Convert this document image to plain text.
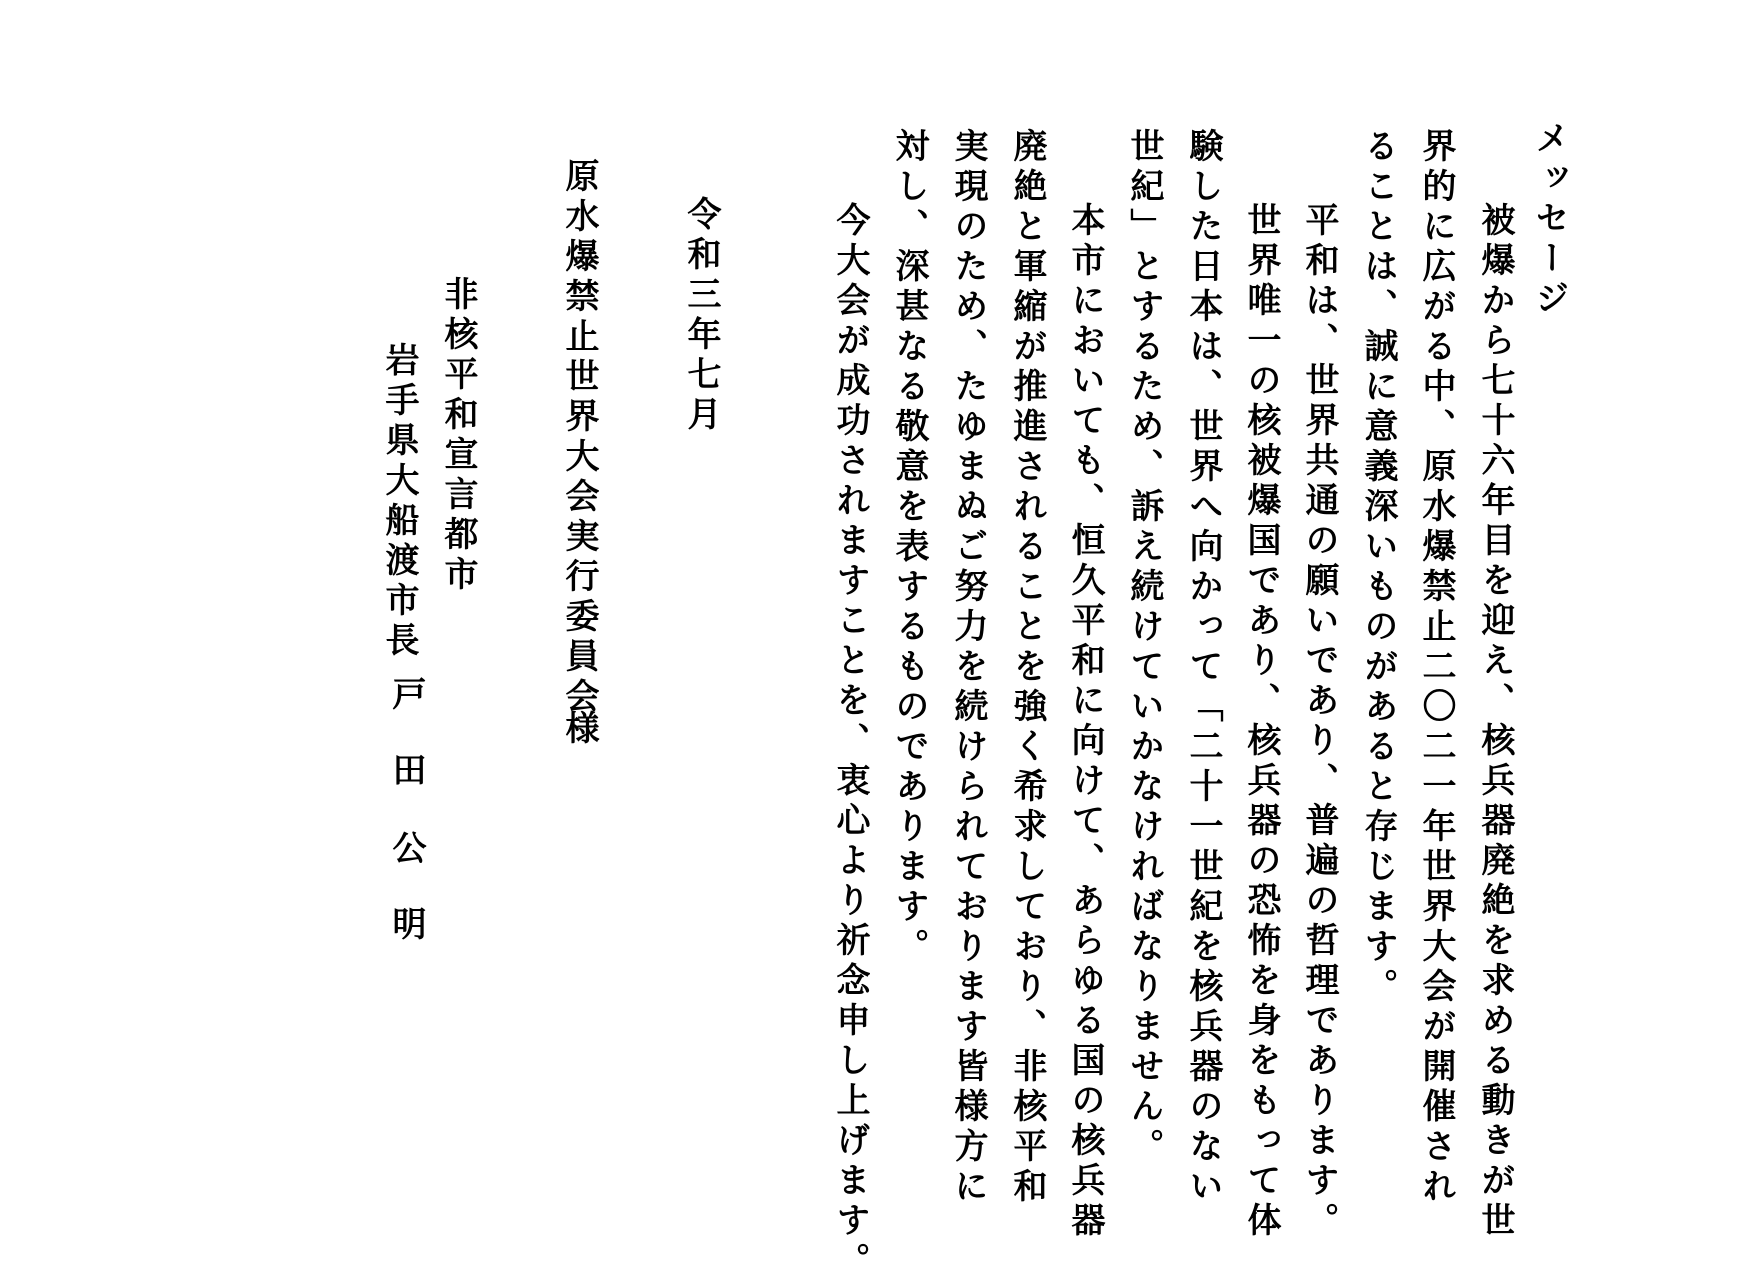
メッセージ
被爆から七十六年目を迎え、核兵器廃絶を求める動きが世
界的に広がる中、原水爆禁止二〇二一年世界大会が開催され
ることは、誠に意義深いものがあると存じます。
平和は、世界共通の願いであり、普遍の哲理であります。
世界唯一の核被爆国であり、核兵器の恐怖を身をもって体
験した日本は、世界へ向かって「二十一世紀を核兵器のない
世紀」とするため、訴え続けていかなければなりません。
本市においても、恒久平和に向けて、あらゆる国の核兵器
廃絶と軍縮が推進されることを強く希求しており、非核平和
実現のため、たゆまぬご努力を続けられております皆様方に
対し、深甚なる敬意を表するものであります。
今大会が成功されますことを、衷心より祈念申し上げます。
令和三年七月
原水爆禁止世界大会実行委員会
様
非核平和宣言都市
岩手県大船渡市長
戸
田
公
明
